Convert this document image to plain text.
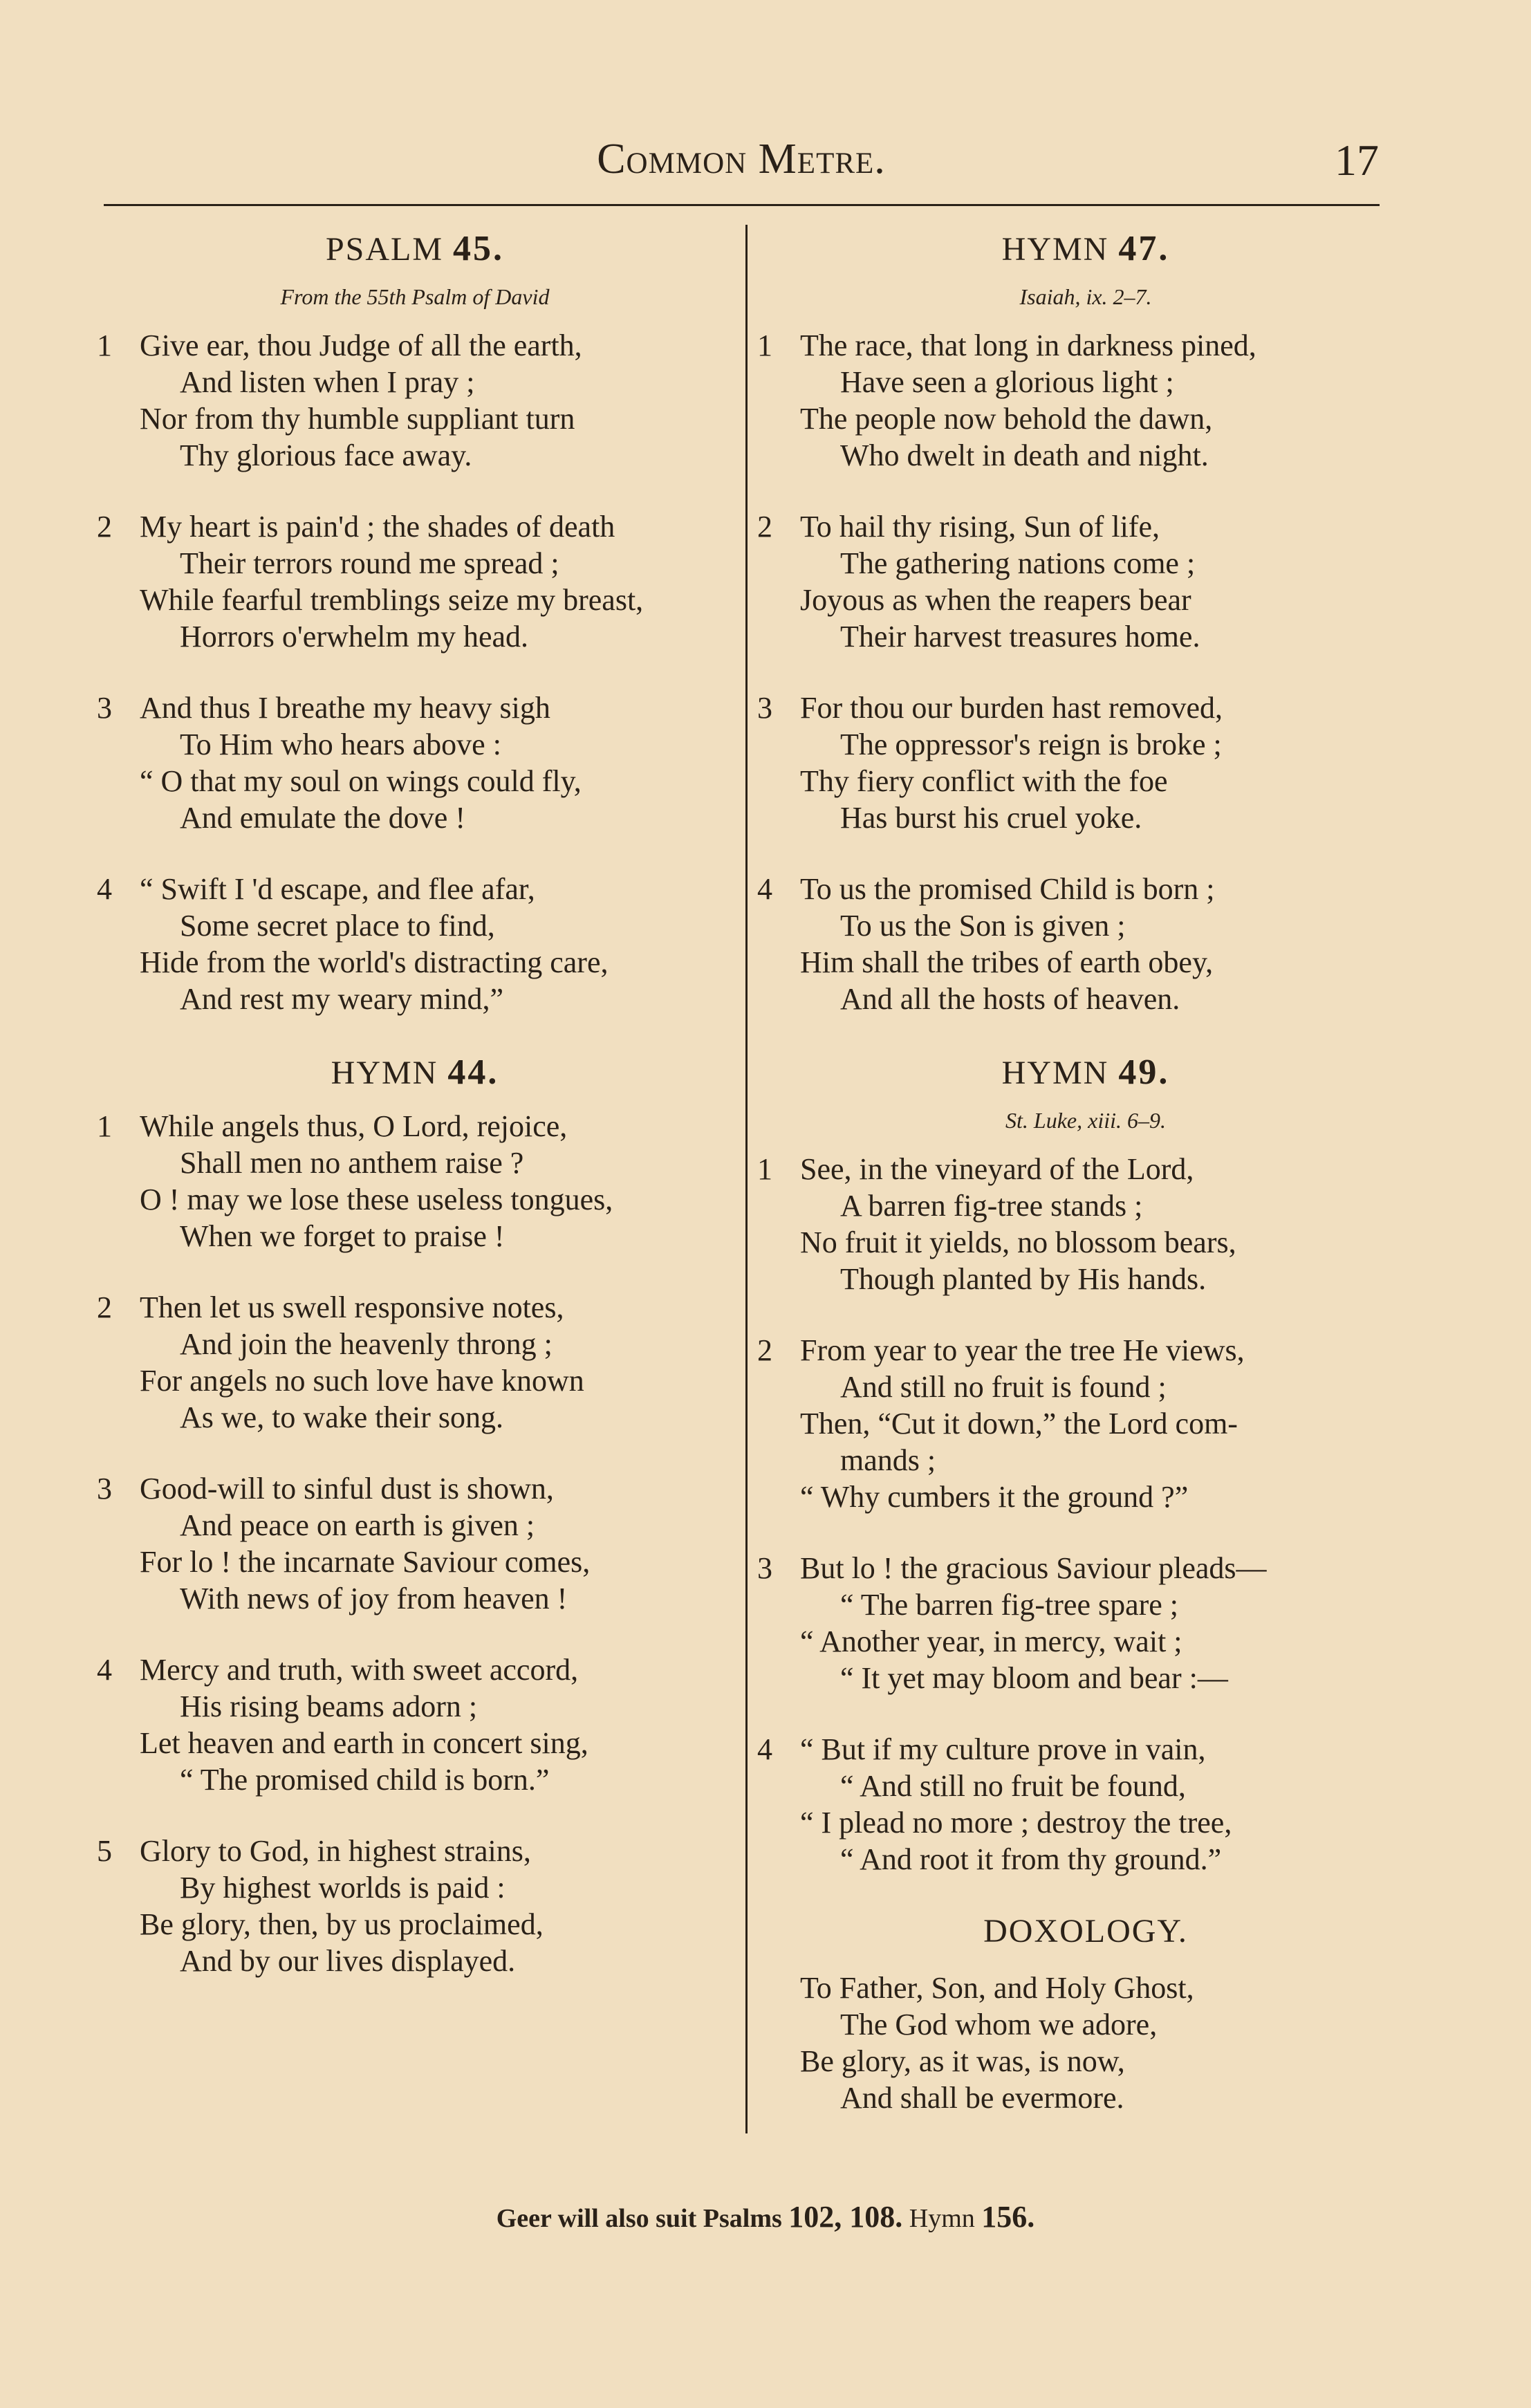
Common Metre.	17
PSALM 45.
From the 55th Psalm of David
1 Give ear, thou Judge of all the earth,
And listen when I pray ;
Nor from thy humble suppliant turn
Thy glorious face away.
2 My heart is pain'd ; the shades of death
Their terrors round me spread ;
While fearful tremblings seize my breast,
Horrors o'erwhelm my head.
3 And thus I breathe my heavy sigh
To Him who hears above :
“ O that my soul on wings could fly,
And emulate the dove !
4 “ Swift I 'd escape, and flee afar,
Some secret place to find,
Hide from the world's distracting care,
And rest my weary mind,”
HYMN 44.
1 While angels thus, O Lord, rejoice,
Shall men no anthem raise ?
O ! may we lose these useless tongues,
When we forget to praise !
2 Then let us swell responsive notes,
And join the heavenly throng ;
For angels no such love have known
As we, to wake their song.
3 Good-will to sinful dust is shown,
And peace on earth is given ;
For lo ! the incarnate Saviour comes,
With news of joy from heaven !
4 Mercy and truth, with sweet accord,
His rising beams adorn ;
Let heaven and earth in concert sing,
“ The promised child is born.”
5 Glory to God, in highest strains,
By highest worlds is paid :
Be glory, then, by us proclaimed,
And by our lives displayed.
HYMN 47.
Isaiah, ix. 2–7.
1 The race, that long in darkness pined,
Have seen a glorious light ;
The people now behold the dawn,
Who dwelt in death and night.
2 To hail thy rising, Sun of life,
The gathering nations come ;
Joyous as when the reapers bear
Their harvest treasures home.
3 For thou our burden hast removed,
The oppressor's reign is broke ;
Thy fiery conflict with the foe
Has burst his cruel yoke.
4 To us the promised Child is born ;
To us the Son is given ;
Him shall the tribes of earth obey,
And all the hosts of heaven.
HYMN 49.
St. Luke, xiii. 6–9.
1 See, in the vineyard of the Lord,
A barren fig-tree stands ;
No fruit it yields, no blossom bears,
Though planted by His hands.
2 From year to year the tree He views,
And still no fruit is found ;
Then, “Cut it down,” the Lord com-
mands ;
“ Why cumbers it the ground ?”
3 But lo ! the gracious Saviour pleads—
“ The barren fig-tree spare ;
“ Another year, in mercy, wait ;
“ It yet may bloom and bear :—
4 “ But if my culture prove in vain,
“ And still no fruit be found,
“ I plead no more ; destroy the tree,
“ And root it from thy ground.”
DOXOLOGY.
To Father, Son, and Holy Ghost,
The God whom we adore,
Be glory, as it was, is now,
And shall be evermore.
Geer will also suit Psalms 102, 108. Hymn 156.
